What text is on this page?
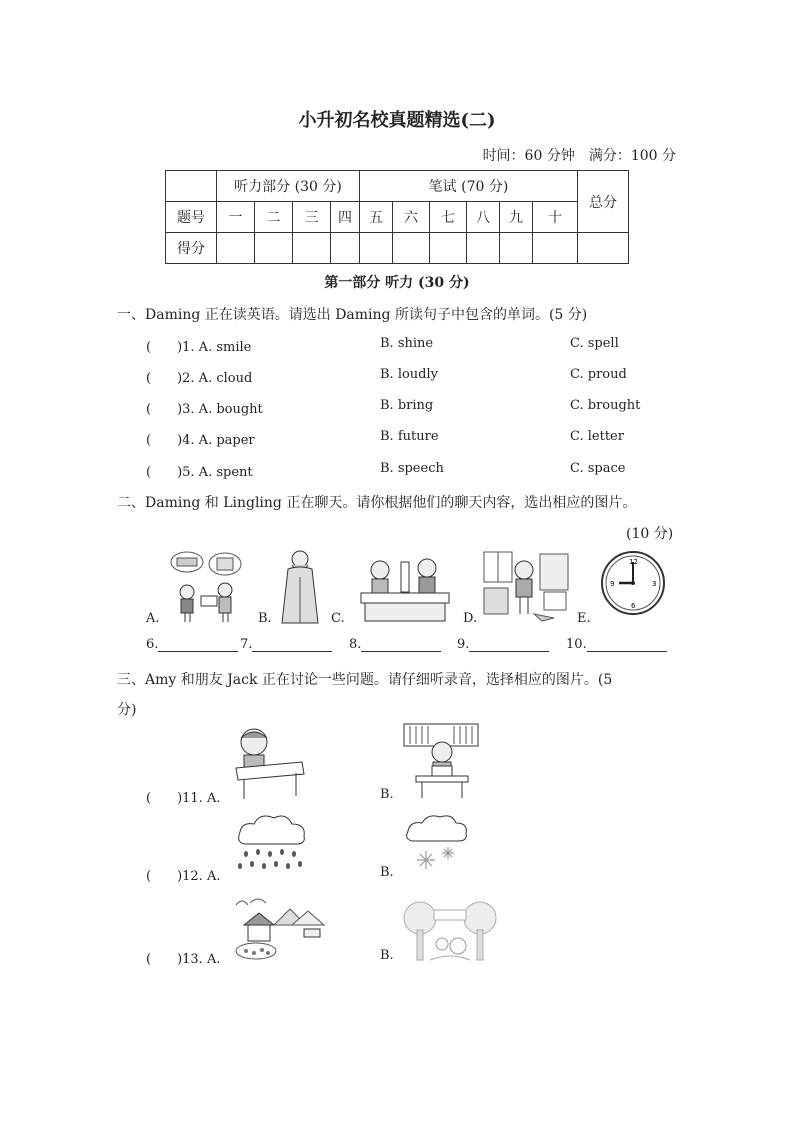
小升初名校真题精选(二)
时间：60 分钟　满分：100 分
	听力部分 (30 分)				笔试 (70 分)						总分
题号	一	二	三	四	五	六	七	八	九	十	
得分											
第一部分 听力 (30 分)
一、Daming 正在读英语。请选出 Daming 所读句子中包含的单词。(5 分)
(　　)1. A. smile	B. shine	C. spell
(　　)2. A. cloud	B. loudly	C. proud
(　　)3. A. bought	B. bring	C. brought
(　　)4. A. paper	B. future	C. letter
(　　)5. A. spent	B. speech	C. space
二、Daming 和 Lingling 正在聊天。请你根据他们的聊天内容，选出相应的图片。
(10 分)
12
3
6
9
A.	B.	C.	D.	E.
6.	7.	8.	9.	10.
三、Amy 和朋友 Jack 正在讨论一些问题。请仔细听录音，选择相应的图片。(5
分)
(　　)11. A.	B.
(　　)12. A.	B.
(　　)13. A.	B.
